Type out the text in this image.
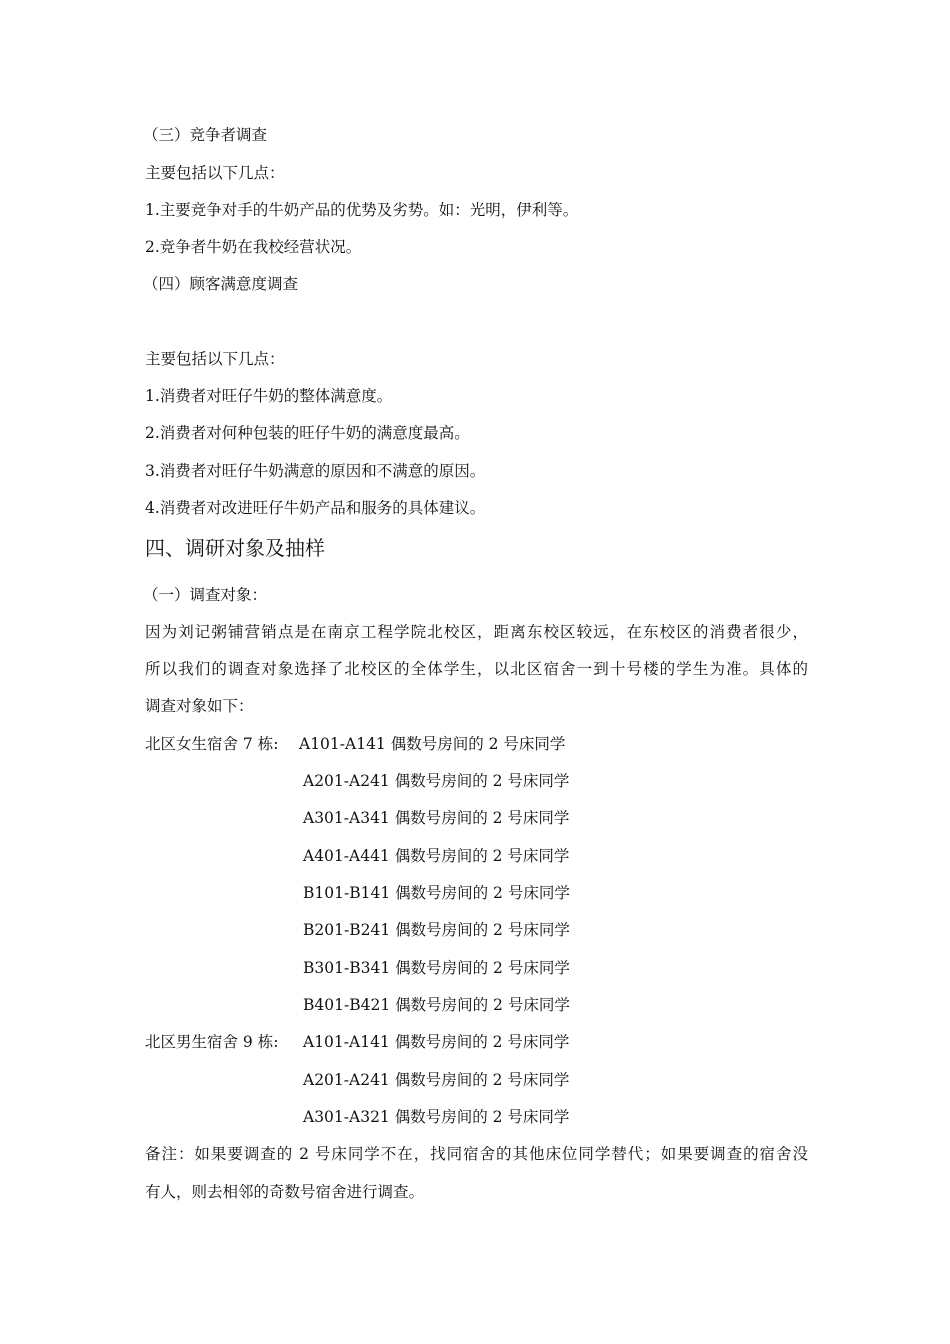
（三）竞争者调查

主要包括以下几点：

1.主要竞争对手的牛奶产品的优势及劣势。如：光明，伊利等。

2.竞争者牛奶在我校经营状况。

（四）顾客满意度调查

主要包括以下几点：

1.消费者对旺仔牛奶的整体满意度。

2.消费者对何种包装的旺仔牛奶的满意度最高。

3.消费者对旺仔牛奶满意的原因和不满意的原因。

4.消费者对改进旺仔牛奶产品和服务的具体建议。

四、调研对象及抽样

（一）调查对象：

因为刘记粥铺营销点是在南京工程学院北校区，距离东校区较远，在东校区的消费者很少，

所以我们的调查对象选择了北校区的全体学生，以北区宿舍一到十号楼的学生为准。具体的

调查对象如下：

北区女生宿舍 7 栋: A101-A141 偶数号房间的 2 号床同学

A201-A241 偶数号房间的 2 号床同学

A301-A341 偶数号房间的 2 号床同学

A401-A441 偶数号房间的 2 号床同学

B101-B141 偶数号房间的 2 号床同学

B201-B241 偶数号房间的 2 号床同学

B301-B341 偶数号房间的 2 号床同学

B401-B421 偶数号房间的 2 号床同学

北区男生宿舍 9 栋: A101-A141 偶数号房间的 2 号床同学

A201-A241 偶数号房间的 2 号床同学

A301-A321 偶数号房间的 2 号床同学

备注：如果要调查的 2 号床同学不在，找同宿舍的其他床位同学替代；如果要调查的宿舍没

有人，则去相邻的奇数号宿舍进行调查。
